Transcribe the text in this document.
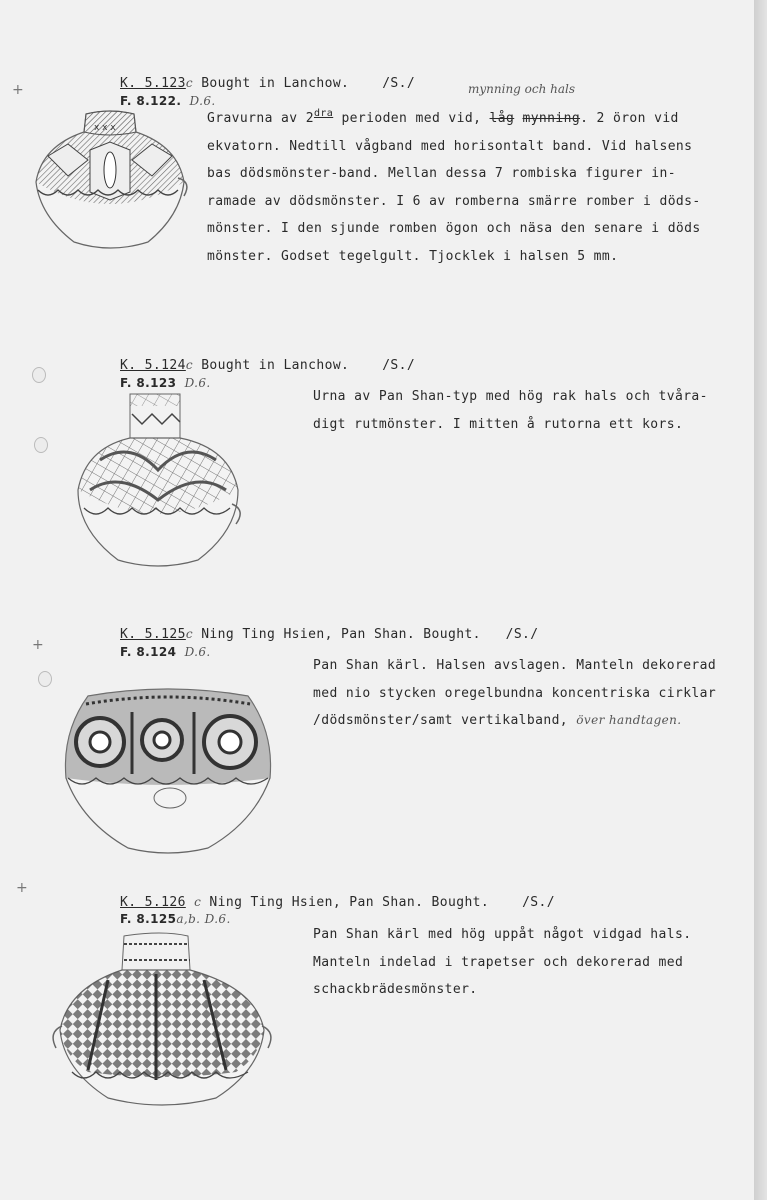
+
+
+
K. 5.123c Bought in Lanchow.	/S./
F. 8.122. D.6.
mynning och hals
Gravurna av $2^{dra}$ perioden med vid, låg mynning. 2 öron vid
ekvatorn. Nedtill vågband med horisontalt band. Vid halsens
bas dödsmönster-band. Mellan dessa 7 rombiska figurer in-
ramade av dödsmönster. I 6 av romberna smärre romber i döds-
mönster. I den sjunde romben ögon och näsa den senare i döds
mönster. Godset tegelgult. Tjocklek i halsen 5 mm.
x x x
K. 5.124c Bought in Lanchow.	/S./
F. 8.123 D.6.
Urna av Pan Shan-typ med hög rak hals och tvåra-
digt rutmönster. I mitten å rutorna ett kors.
K. 5.125c Ning Ting Hsien, Pan Shan. Bought. /S./
F. 8.124 D.6.
Pan Shan kärl. Halsen avslagen. Manteln dekorerad
med nio stycken oregelbundna koncentriska cirklar
/dödsmönster/samt vertikalband, över handtagen.
K. 5.126 c Ning Ting Hsien, Pan Shan. Bought.	/S./
F. 8.125a,b. D.6.
Pan Shan kärl med hög uppåt något vidgad hals.
Manteln indelad i trapetser och dekorerad med
schackbrädesmönster.
